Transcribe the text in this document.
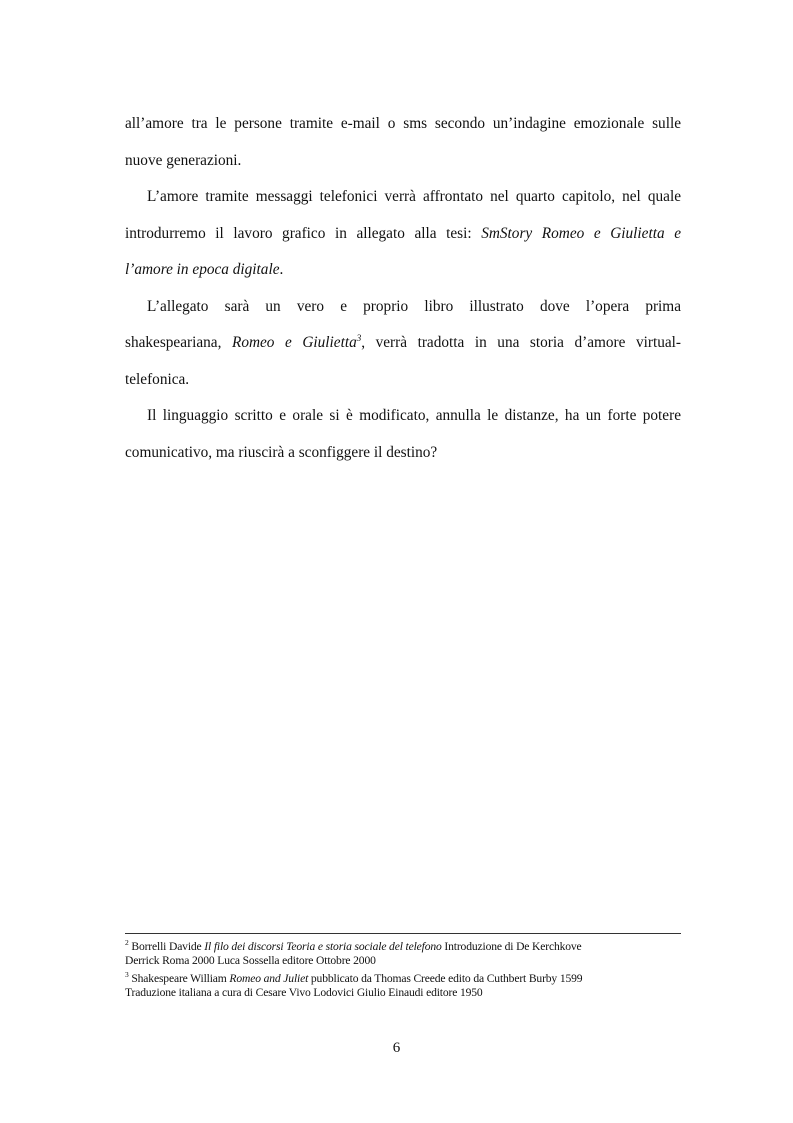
all’amore tra le persone tramite e-mail o sms secondo un’indagine emozionale sulle
nuove generazioni.
L’amore tramite messaggi telefonici verrà affrontato nel quarto capitolo, nel quale
introdurremo il lavoro grafico in allegato alla tesi: SmStory Romeo e Giulietta e
l’amore in epoca digitale.
L’allegato sarà un vero e proprio libro illustrato dove l’opera prima
shakespeariana, Romeo e Giulietta$^3$, verrà tradotta in una storia d’amore virtual-
telefonica.
Il linguaggio scritto e orale si è modificato, annulla le distanze, ha un forte potere
comunicativo, ma riuscirà a sconfiggere il destino?
$^2$ Borrelli Davide Il filo dei discorsi Teoria e storia sociale del telefono Introduzione di De Kerchkove
Derrick Roma 2000 Luca Sossella editore Ottobre 2000
$^3$ Shakespeare William Romeo and Juliet pubblicato da Thomas Creede edito da Cuthbert Burby 1599
Traduzione italiana a cura di Cesare Vivo Lodovici Giulio Einaudi editore 1950
6
